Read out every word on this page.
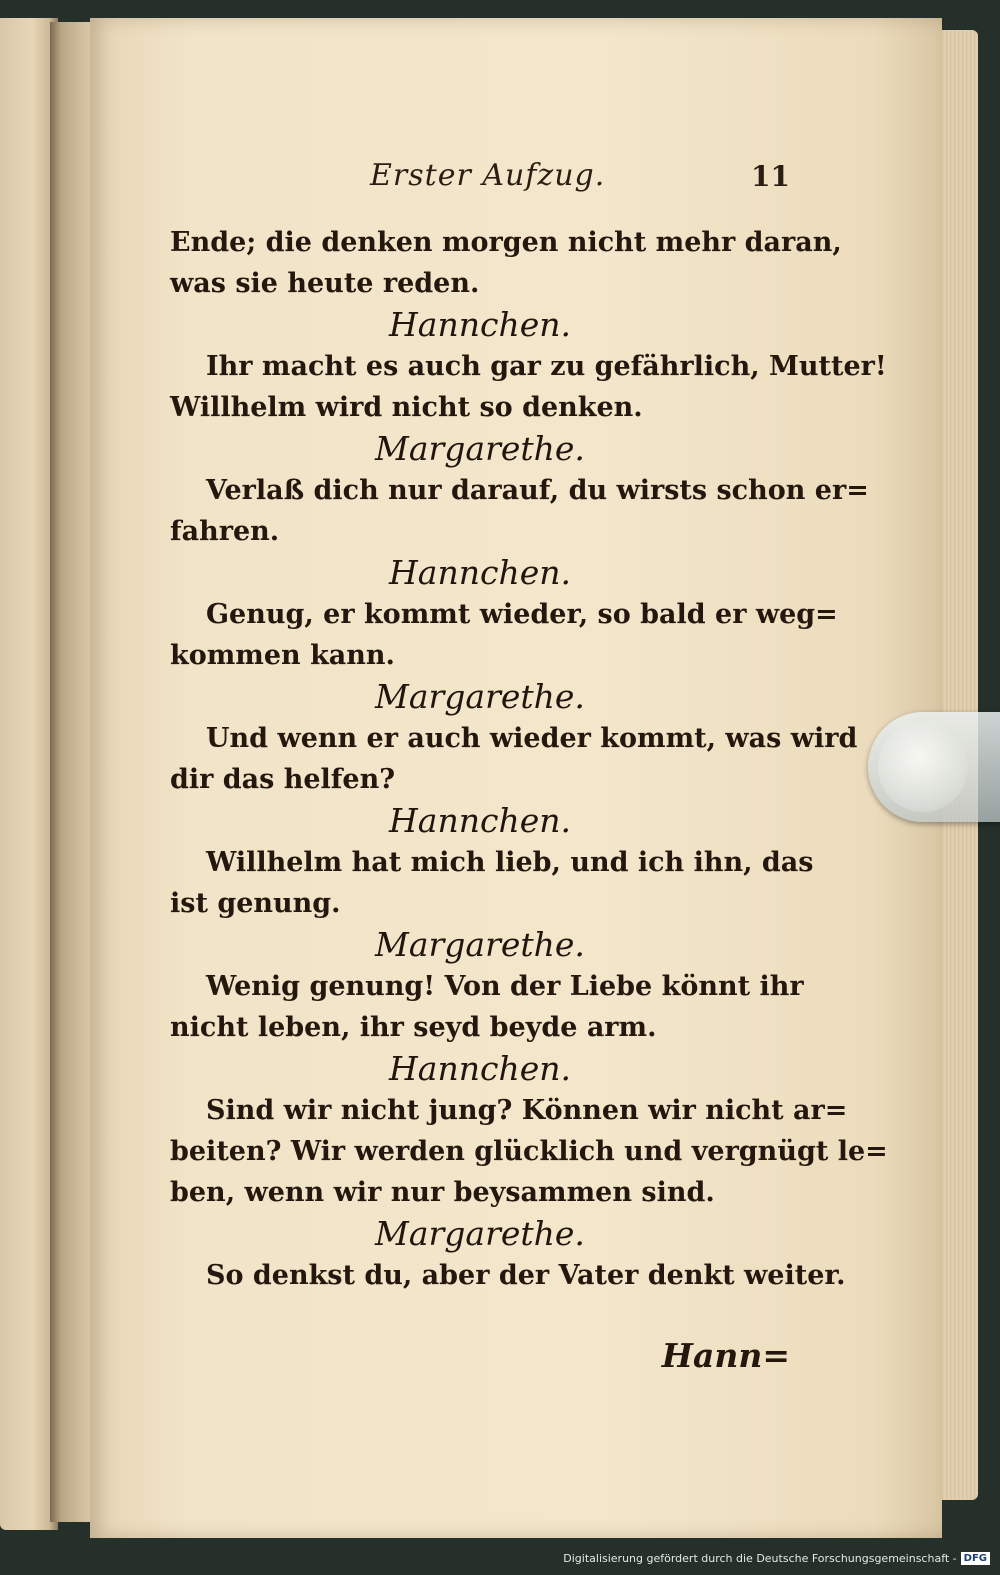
Erster Aufzug.	11
Ende; die denken morgen nicht mehr daran,
was sie heute reden.
Hannchen.
Ihr macht es auch gar zu gefährlich, Mutter!
Willhelm wird nicht so denken.
Margarethe.
Verlaß dich nur darauf, du wirsts schon er=
fahren.
Hannchen.
Genug, er kommt wieder, so bald er weg=
kommen kann.
Margarethe.
Und wenn er auch wieder kommt, was wird
dir das helfen?
Hannchen.
Willhelm hat mich lieb, und ich ihn, das
ist genung.
Margarethe.
Wenig genung! Von der Liebe könnt ihr
nicht leben, ihr seyd beyde arm.
Hannchen.
Sind wir nicht jung? Können wir nicht ar=
beiten? Wir werden glücklich und vergnügt le=
ben, wenn wir nur beysammen sind.
Margarethe.
So denkst du, aber der Vater denkt weiter.
Hann=
Digitalisierung gefördert durch die Deutsche Forschungsgemeinschaft - DFG
